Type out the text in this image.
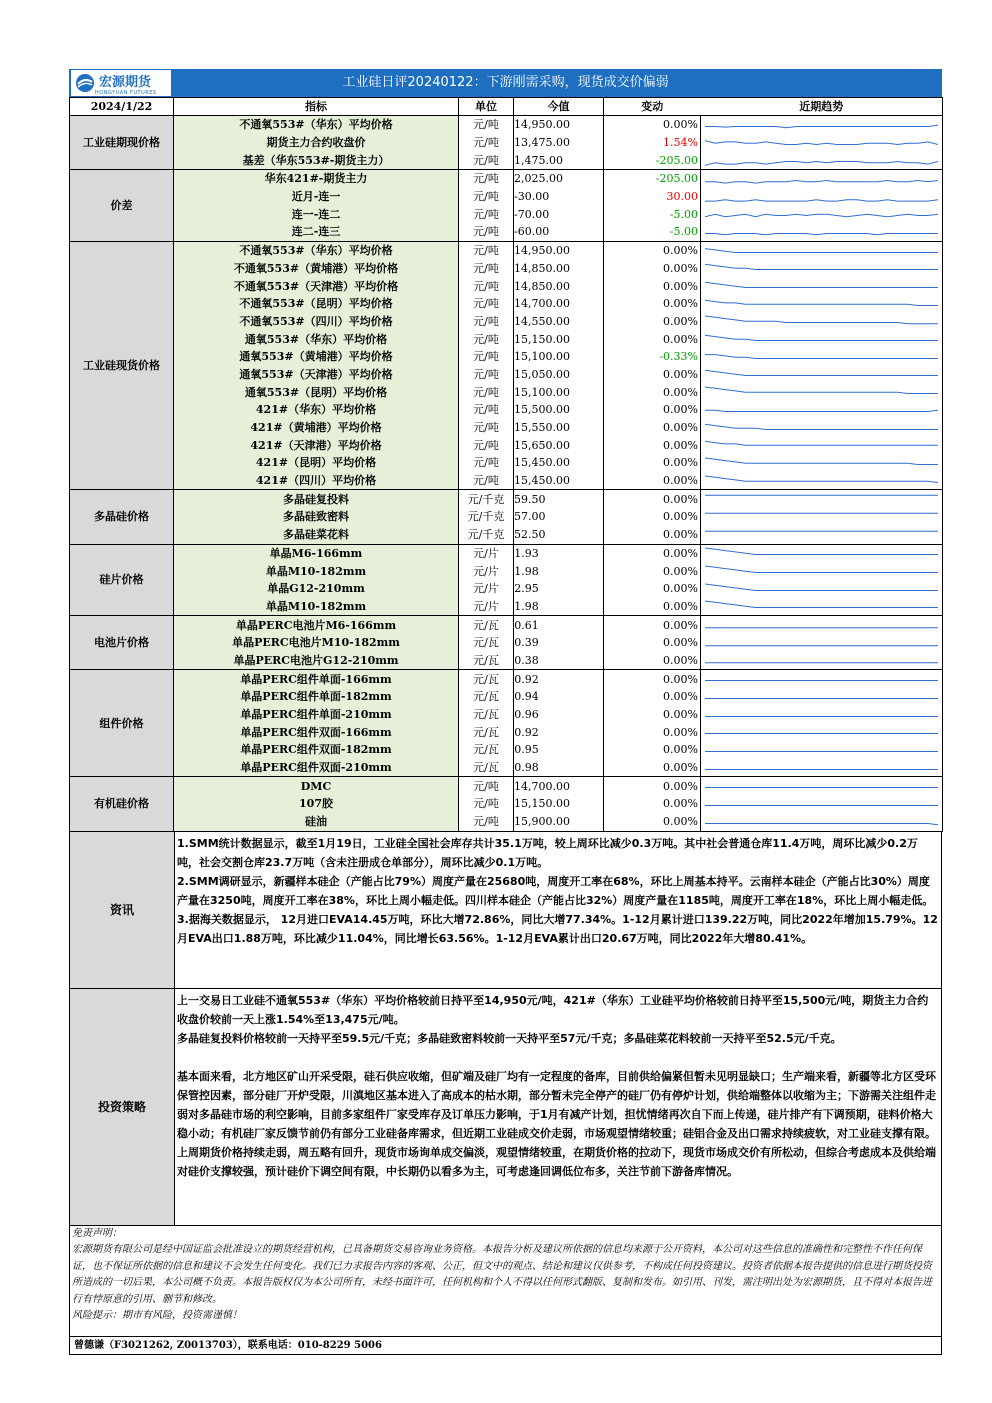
宏源期货
HONGYUAN FUTURES
工业硅日评20240122：下游刚需采购，现货成交价偏弱
2024/1/22	指标	单位	今值	变动	近期趋势
工业硅期现价格	不通氧553#（华东）平均价格	元/吨	14,950.00	0.00%	

	期货主力合约收盘价	元/吨	13,475.00	1.54%	

	基差（华东553#-期货主力）	元/吨	1,475.00	-205.00	

价差	华东421#-期货主力	元/吨	2,025.00	-205.00	

	近月-连一	元/吨	-30.00	30.00	

	连一-连二	元/吨	-70.00	-5.00	

	连二-连三	元/吨	-60.00	-5.00	

工业硅现货价格	不通氧553#（华东）平均价格	元/吨	14,950.00	0.00%	

	不通氧553#（黄埔港）平均价格	元/吨	14,850.00	0.00%	

	不通氧553#（天津港）平均价格	元/吨	14,850.00	0.00%	

	不通氧553#（昆明）平均价格	元/吨	14,700.00	0.00%	

	不通氧553#（四川）平均价格	元/吨	14,550.00	0.00%	

	通氧553#（华东）平均价格	元/吨	15,150.00	0.00%	

	通氧553#（黄埔港）平均价格	元/吨	15,100.00	-0.33%	

	通氧553#（天津港）平均价格	元/吨	15,050.00	0.00%	

	通氧553#（昆明）平均价格	元/吨	15,100.00	0.00%	

	421#（华东）平均价格	元/吨	15,500.00	0.00%	

	421#（黄埔港）平均价格	元/吨	15,550.00	0.00%	

	421#（天津港）平均价格	元/吨	15,650.00	0.00%	

	421#（昆明）平均价格	元/吨	15,450.00	0.00%	

	421#（四川）平均价格	元/吨	15,450.00	0.00%	

多晶硅价格	多晶硅复投料	元/千克	59.50	0.00%	

	多晶硅致密料	元/千克	57.00	0.00%	

	多晶硅菜花料	元/千克	52.50	0.00%	

硅片价格	单晶M6-166mm	元/片	1.93	0.00%	

	单晶M10-182mm	元/片	1.98	0.00%	

	单晶G12-210mm	元/片	2.95	0.00%	

	单晶M10-182mm	元/片	1.98	0.00%	

电池片价格	单晶PERC电池片M6-166mm	元/瓦	0.61	0.00%	

	单晶PERC电池片M10-182mm	元/瓦	0.39	0.00%	

	单晶PERC电池片G12-210mm	元/瓦	0.38	0.00%	

组件价格	单晶PERC组件单面-166mm	元/瓦	0.92	0.00%	

	单晶PERC组件单面-182mm	元/瓦	0.94	0.00%	

	单晶PERC组件单面-210mm	元/瓦	0.96	0.00%	

	单晶PERC组件双面-166mm	元/瓦	0.92	0.00%	

	单晶PERC组件双面-182mm	元/瓦	0.95	0.00%	

	单晶PERC组件双面-210mm	元/瓦	0.98	0.00%	

有机硅价格	DMC	元/吨	14,700.00	0.00%	

	107胶	元/吨	15,150.00	0.00%	

	硅油	元/吨	15,900.00	0.00%	
资讯

1.SMM统计数据显示，截至1月19日，工业硅全国社会库存共计35.1万吨，较上周环比减少0.3万吨。其中社会普通仓库11.4万吨，周环比减少0.2万吨，社会交割仓库23.7万吨（含未注册成仓单部分），周环比减少0.1万吨。

2.SMM调研显示，新疆样本硅企（产能占比79%）周度产量在25680吨，周度开工率在68%，环比上周基本持平。云南样本硅企（产能占比30%）周度产量在3250吨，周度开工率在38%，环比上周小幅走低。四川样本硅企（产能占比32%）周度产量在1185吨，周度开工率在18%，环比上周小幅走低。

3.据海关数据显示， 12月进口EVA14.45万吨，环比大增72.86%，同比大增77.34%。1-12月累计进口139.22万吨，同比2022年增加15.79%。12月EVA出口1.88万吨，环比减少11.04%，同比增长63.56%。1-12月EVA累计出口20.67万吨，同比2022年大增80.41%。

投资策略

上一交易日工业硅不通氧553#（华东）平均价格较前日持平至14,950元/吨，421#（华东）工业硅平均价格较前日持平至15,500元/吨，期货主力合约收盘价较前一天上涨1.54%至13,475元/吨。

多晶硅复投料价格较前一天持平至59.5元/千克；多晶硅致密料较前一天持平至57元/千克；多晶硅菜花料较前一天持平至52.5元/千克。

基本面来看，北方地区矿山开采受限，硅石供应收缩，但矿端及硅厂均有一定程度的备库，目前供给偏紧但暂未见明显缺口；生产端来看，新疆等北方区受环保管控因素，部分硅厂开炉受限，川滇地区基本进入了高成本的枯水期，部分暂未完全停产的硅厂仍有停炉计划，供给端整体以收缩为主；下游需关注组件走弱对多晶硅市场的利空影响，目前多家组件厂家受库存及订单压力影响，于1月有减产计划，担忧情绪再次自下而上传递，硅片排产有下调预期，硅料价格大稳小动；有机硅厂家反馈节前仍有部分工业硅备库需求，但近期工业硅成交价走弱，市场观望情绪较重；硅铝合金及出口需求持续疲软，对工业硅支撑有限。

上周期货价格持续走弱，周五略有回升，现货市场询单成交偏淡，观望情绪较重，在期货价格的拉动下，现货市场成交价有所松动，但综合考虑成本及供给端对硅价支撑较强，预计硅价下调空间有限，中长期仍以看多为主，可考虑逢回调低位布多，关注节前下游备库情况。

免责声明：

宏源期货有限公司是经中国证监会批准设立的期货经营机构，已具备期货交易咨询业务资格。本报告分析及建议所依据的信息均来源于公开资料，本公司对这些信息的准确性和完整性不作任何保证，也不保证所依据的信息和建议不会发生任何变化。我们已力求报告内容的客观、公正，但文中的观点、结论和建议仅供参考，不构成任何投资建议。投资者依据本报告提供的信息进行期货投资所造成的一切后果，本公司概不负责。本报告版权仅为本公司所有，未经书面许可，任何机构和个人不得以任何形式翻版、复制和发布。如引用、刊发，需注明出处为宏源期货，且不得对本报告进行有悖原意的引用、删节和修改。

风险提示：期市有风险，投资需谨慎！

曾德谦（F3021262, Z0013703），联系电话：010-8229 5006
